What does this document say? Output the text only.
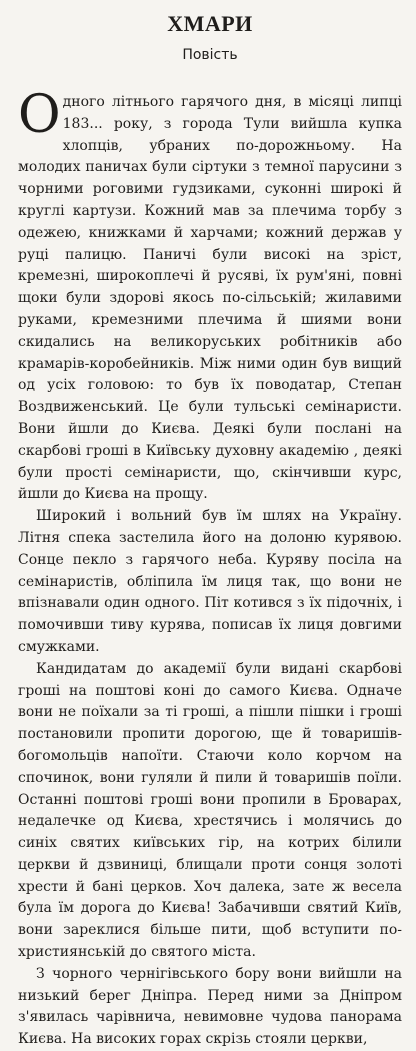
ХМАРИ
Повість

Одного літнього гарячого дня, в місяці липці 183... року, з города Тули вийшла купка хлопців, убраних по-дорожньому. На молодих паничах були сіртуки з темної парусини з чорними роговими гудзиками, суконні широкі й круглі картузи. Кожний мав за плечима торбу з одежею, книжками й харчами; кожний держав у руці палицю. Паничі були високі на зріст, кремезні, широкоплечі й русяві, їх рум'яні, повні щоки були здорові якось по-сільській; жилавими руками, кремезними плечима й шиями вони скидались на великоруських робітників або крамарів-коробейників. Між ними один був вищий од усіх головою: то був їх поводатар, Степан Воздвиженський. Це були тульські семінаристи. Вони йшли до Києва. Деякі були послані на скарбові гроші в Київську духовну академію , деякі були прості семінаристи, що, скінчивши курс, йшли до Києва на прощу.

Широкий і вольний був їм шлях на Україну. Літня спека застелила його на долоню курявою. Сонце пекло з гарячого неба. Куряву посіла на семінаристів, обліпила їм лиця так, що вони не впізнавали один одного. Піт котився з їх підочніх, і помочивши тиву курява, пописав їх лиця довгими смужками.

Кандидатам до академії були видані скарбові гроші на поштові коні до самого Києва. Одначе вони не поїхали за ті гроші, а пішли пішки і гроші постановили пропити дорогою, ще й товаришів-богомольців напоїти. Стаючи коло корчом на спочинок, вони гуляли й пили й товаришів поїли. Останні поштові гроші вони пропили в Броварах, недалечке од Києва, хрестячись і молячись до синіх святих київських гір, на котрих білили церкви й дзвиниці, блищали проти сонця золоті хрести й бані церков. Хоч далека, зате ж весела була їм дорога до Києва! Забачивши святий Київ, вони зареклися більше пити, щоб вступити по-християнській до святого міста.

З чорного чернігівського бору вони вийшли на низький берег Дніпра. Перед ними за Дніпром з'явилась чарівнича, невимовне чудова панорама Києва. На високих горах скрізь стояли церкви,
